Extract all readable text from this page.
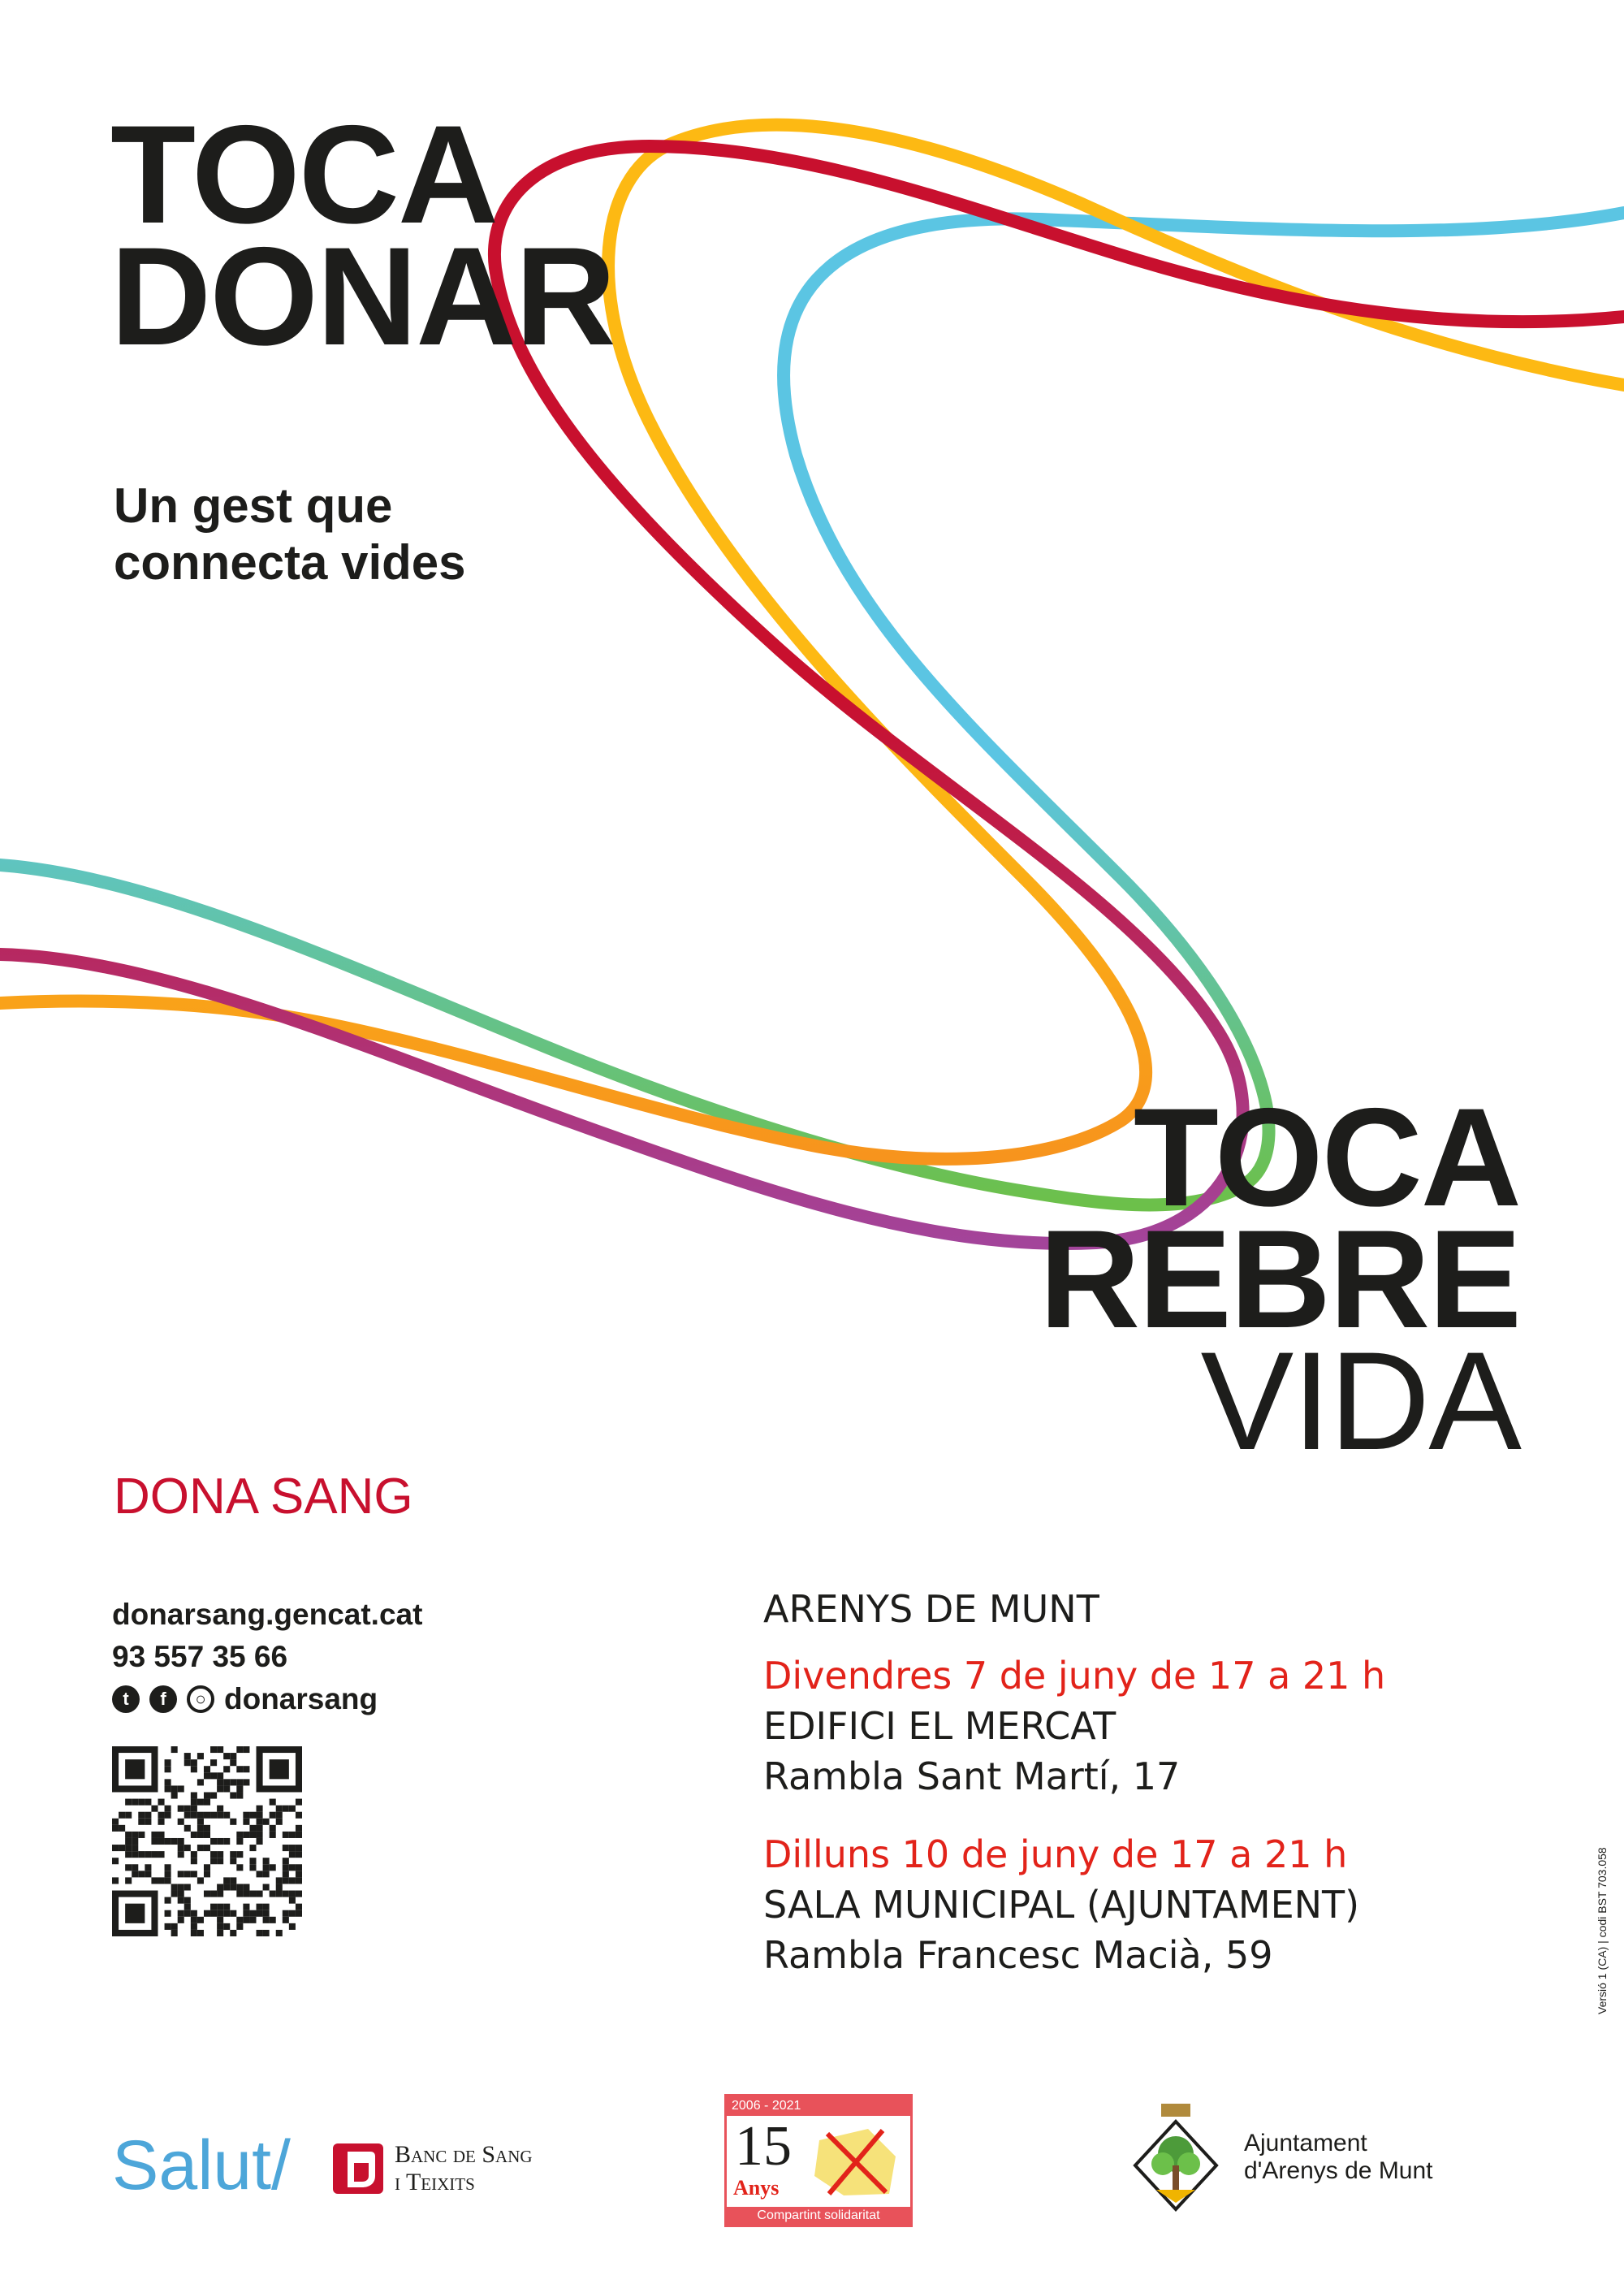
TOCA
DONAR
Un gest que
connecta vides
TOCA
REBRE
VIDA
DONA SANG
donarsang.gencat.cat
93 557 35 66
t	f	○ donarsang
ARENYS DE MUNT
Divendres 7 de juny de 17 a 21 h
EDIFICI EL MERCAT
Rambla Sant Martí, 17
Dilluns 10 de juny de 17 a 21 h
SALA MUNICIPAL (AJUNTAMENT)
Rambla Francesc Macià, 59	Versió 1 (CA) | codi BST 703.058
Salut/	Banc de Sang
i Teixits
2006 - 2021
15
Anys
Compartint solidaritat
Ajuntament
d'Arenys de Munt
